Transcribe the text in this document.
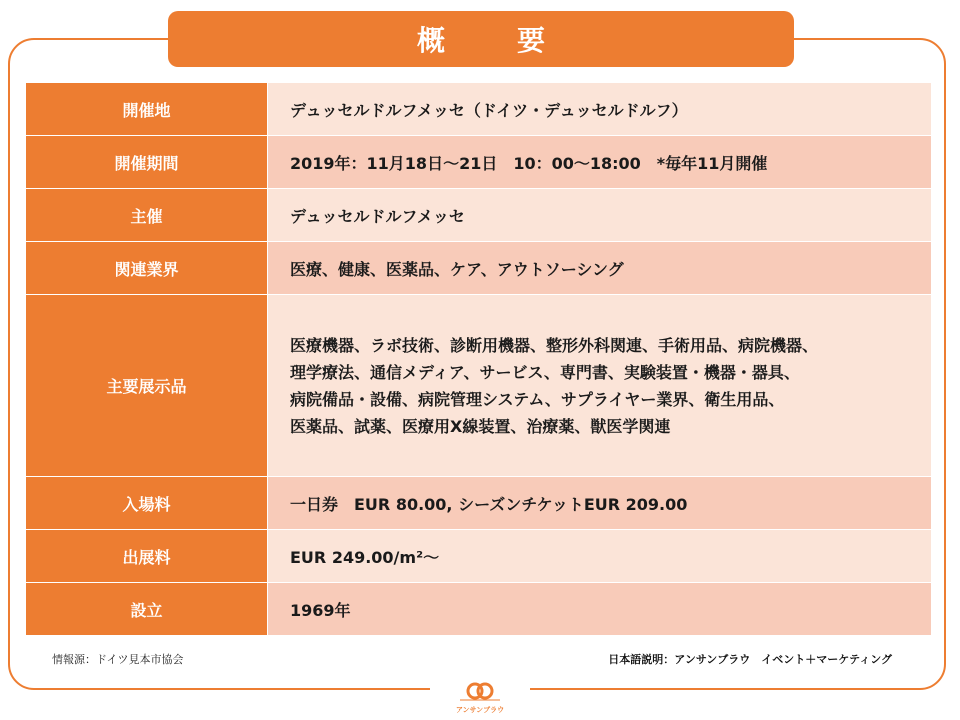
概　要
開催地	デュッセルドルフメッセ（ドイツ・デュッセルドルフ）
開催期間	2019年：11月18日〜21日　10：00〜18:00　*毎年11月開催
主催	デュッセルドルフメッセ
関連業界	医療、健康、医薬品、ケア、アウトソーシング
主要展示品	医療機器、ラボ技術、診断用機器、整形外科関連、手術用品、病院機器、
理学療法、通信メディア、サービス、専門書、実験装置・機器・器具、
病院備品・設備、病院管理システム、サプライヤー業界、衛生用品、
医薬品、試薬、医療用X線装置、治療薬、獣医学関連

入場料	一日券　EUR 80.00, シーズンチケットEUR 209.00
出展料	EUR 249.00/m²〜
設立	1969年
情報源：ドイツ見本市協会	日本語説明：アンサンブラウ　イベント＋マーケティング
アンサンブラウ
